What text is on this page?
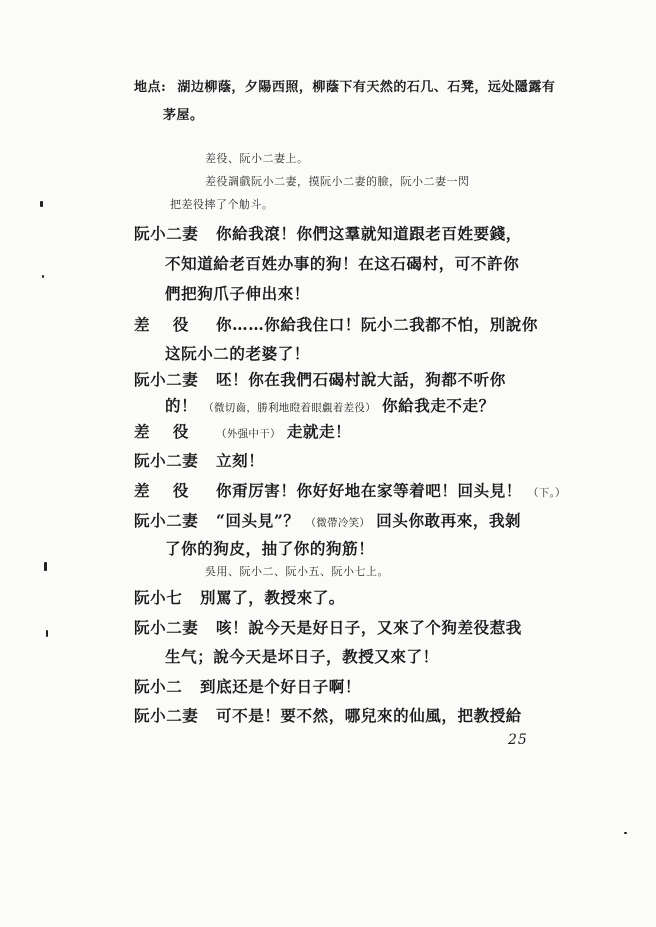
地点: 湖边柳蔭，夕陽西照，柳蔭下有天然的石几、石凳，远处隱露有
茅屋。
差役、阮小二妻上。
差役調戲阮小二妻，摸阮小二妻的臉，阮小二妻一閃
把差役摔了个觔斗。
阮小二妻 你給我滾！你們这羣就知道跟老百姓要錢，
不知道給老百姓办事的狗！在这石碣村，可不許你
們把狗爪子伸出來！
差 役 你……你給我住口！阮小二我都不怕，別說你
这阮小二的老婆了！
阮小二妻 呸！你在我們石碣村說大話，狗都不听你
的！ （微切齒，勝利地瞪着眼覷着差役） 你給我走不走？
差 役 （外强中干） 走就走！
阮小二妻 立刻！
差 役 你甭厉害！你好好地在家等着吧！回头見！ （下。）
阮小二妻 “回头見”？ （微帶冷笑） 回头你敢再來，我剝
了你的狗皮，抽了你的狗筋！
吳用、阮小二、阮小五、阮小七上。
阮小七 別罵了，教授來了。
阮小二妻 咳！說今天是好日子，又來了个狗差役惹我
生气；說今天是坏日子，教授又來了！
阮小二 到底还是个好日子啊！
阮小二妻 可不是！要不然，哪兒來的仙風，把教授給
25
